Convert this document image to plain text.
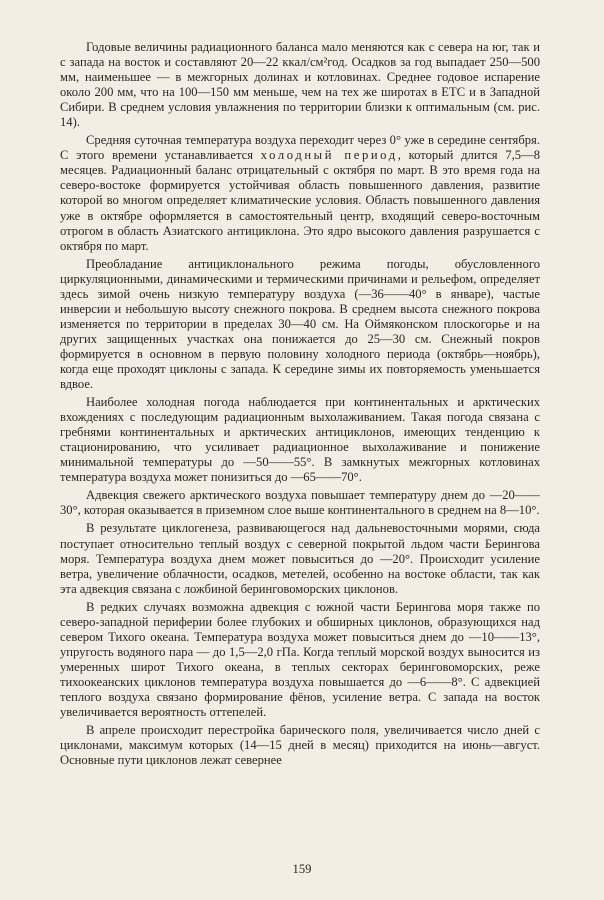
Годовые величины радиационного баланса мало меняются как с севера на юг, так и с запада на восток и составляют 20—22 ккал/см²год. Осадков за год выпадает 250—500 мм, наименьшее — в межгорных долинах и котловинах. Среднее годовое испарение около 200 мм, что на 100—150 мм меньше, чем на тех же широтах в ЕТС и в Западной Сибири. В среднем условия увлажнения по территории близки к оптимальным (см. рис. 14).

Средняя суточная температура воздуха переходит через 0° уже в середине сентября. С этого времени устанавливается холодный период, который длится 7,5—8 месяцев. Радиационный баланс отрицательный с октября по март. В это время года на северо-востоке формируется устойчивая область повышенного давления, развитие которой во многом определяет климатические условия. Область повышенного давления уже в октябре оформляется в самостоятельный центр, входящий северо-восточным отрогом в область Азиатского антициклона. Это ядро высокого давления разрушается с октября по март.

Преобладание антициклонального режима погоды, обусловленного циркуляционными, динамическими и термическими причинами и рельефом, определяет здесь зимой очень низкую температуру воздуха (—36——40° в январе), частые инверсии и небольшую высоту снежного покрова. В среднем высота снежного покрова изменяется по территории в пределах 30—40 см. На Оймяконском плоскогорье и на других защищенных участках она понижается до 25—30 см. Снежный покров формируется в основном в первую половину холодного периода (октябрь—ноябрь), когда еще проходят циклоны с запада. К середине зимы их повторяемость уменьшается вдвое.

Наиболее холодная погода наблюдается при континентальных и арктических вхождениях с последующим радиационным выхолаживанием. Такая погода связана с гребнями континентальных и арктических антициклонов, имеющих тенденцию к стационированию, что усиливает радиационное выхолаживание и понижение минимальной температуры до —50——55°. В замкнутых межгорных котловинах температура воздуха может понизиться до —65——70°.

Адвекция свежего арктического воздуха повышает температуру днем до —20——30°, которая оказывается в приземном слое выше континентального в среднем на 8—10°.

В результате циклогенеза, развивающегося над дальневосточными морями, сюда поступает относительно теплый воздух с северной покрытой льдом части Берингова моря. Температура воздуха днем может повыситься до —20°. Происходит усиление ветра, увеличение облачности, осадков, метелей, особенно на востоке области, так как эта адвекция связана с ложбиной беринговоморских циклонов.

В редких случаях возможна адвекция с южной части Берингова моря также по северо-западной периферии более глубоких и обширных циклонов, образующихся над севером Тихого океана. Температура воздуха может повыситься днем до —10——13°, упругость водяного пара — до 1,5—2,0 гПа. Когда теплый морской воздух выносится из умеренных широт Тихого океана, в теплых секторах беринговоморских, реже тихоокеанских циклонов температура воздуха повышается до —6——8°. С адвекцией теплого воздуха связано формирование фёнов, усиление ветра. С запада на восток увеличивается вероятность оттепелей.

В апреле происходит перестройка барического поля, увеличивается число дней с циклонами, максимум которых (14—15 дней в месяц) приходится на июнь—август. Основные пути циклонов лежат севернее

159
